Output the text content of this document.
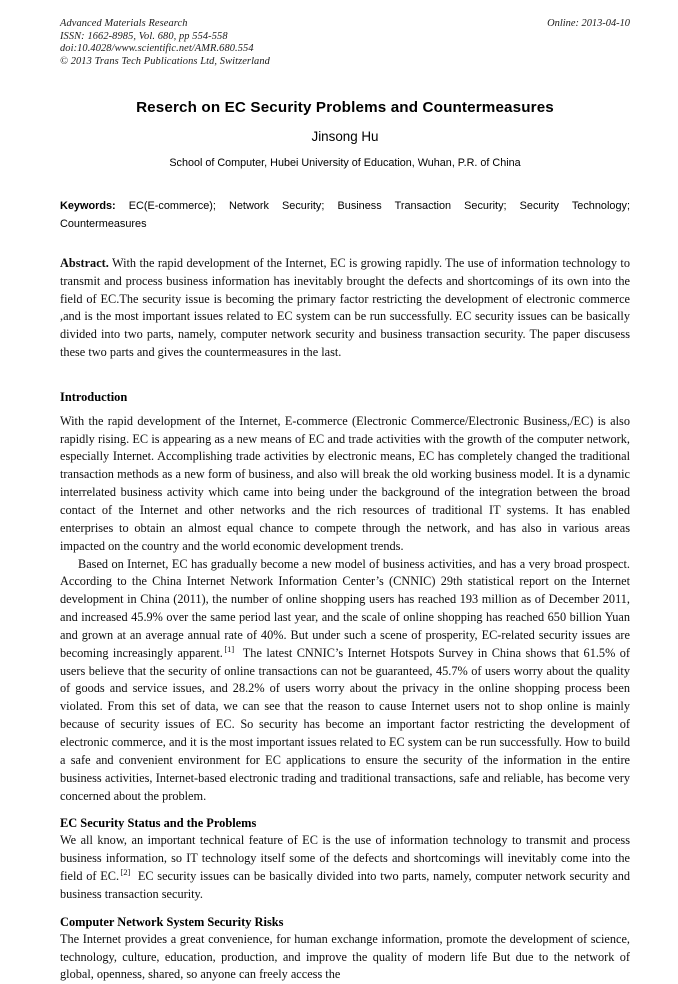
Advanced Materials Research
ISSN: 1662-8985, Vol. 680, pp 554-558
doi:10.4028/www.scientific.net/AMR.680.554
© 2013 Trans Tech Publications Ltd, Switzerland
Online: 2013-04-10
Reserch on EC Security Problems and Countermeasures
Jinsong Hu
School of Computer, Hubei University of Education, Wuhan, P.R. of China
Keywords: EC(E-commerce); Network Security; Business Transaction Security; Security Technology; Countermeasures
Abstract. With the rapid development of the Internet, EC is growing rapidly. The use of information technology to transmit and process business information has inevitably brought the defects and shortcomings of its own into the field of EC.The security issue is becoming the primary factor restricting the development of electronic commerce ,and is the most important issues related to EC system can be run successfully. EC security issues can be basically divided into two parts, namely, computer network security and business transaction security. The paper discusess these two parts and gives the countermeasures in the last.
Introduction
With the rapid development of the Internet, E-commerce (Electronic Commerce/Electronic Business,/EC) is also rapidly rising. EC is appearing as a new means of EC and trade activities with the growth of the computer network, especially Internet. Accomplishing trade activities by electronic means, EC has completely changed the traditional transaction methods as a new form of business, and also will break the old working business model. It is a dynamic interrelated business activity which came into being under the background of the integration between the broad contact of the Internet and other networks and the rich resources of traditional IT systems. It has enabled enterprises to obtain an almost equal chance to compete through the network, and has also in various areas impacted on the country and the world economic development trends.
Based on Internet, EC has gradually become a new model of business activities, and has a very broad prospect. According to the China Internet Network Information Center’s (CNNIC) 29th statistical report on the Internet development in China (2011), the number of online shopping users has reached 193 million as of December 2011, and increased 45.9% over the same period last year, and the scale of online shopping has reached 650 billion Yuan and grown at an average annual rate of 40%. But under such a scene of prosperity, EC-related security issues are becoming increasingly apparent. [1] The latest CNNIC’s Internet Hotspots Survey in China shows that 61.5% of users believe that the security of online transactions can not be guaranteed, 45.7% of users worry about the quality of goods and service issues, and 28.2% of users worry about the privacy in the online shopping process been violated. From this set of data, we can see that the reason to cause Internet users not to shop online is mainly because of security issues of EC. So security has become an important factor restricting the development of electronic commerce, and it is the most important issues related to EC system can be run successfully. How to build a safe and convenient environment for EC applications to ensure the security of the information in the entire business activities, Internet-based electronic trading and traditional transactions, safe and reliable, has become very concerned about the problem.
EC Security Status and the Problems
We all know, an important technical feature of EC is the use of information technology to transmit and process business information, so IT technology itself some of the defects and shortcomings will inevitably come into the field of EC. [2] EC security issues can be basically divided into two parts, namely, computer network security and business transaction security.
Computer Network System Security Risks
The Internet provides a great convenience, for human exchange information, promote the development of science, technology, culture, education, production, and improve the quality of modern life But due to the network of global, openness, shared, so anyone can freely access the
